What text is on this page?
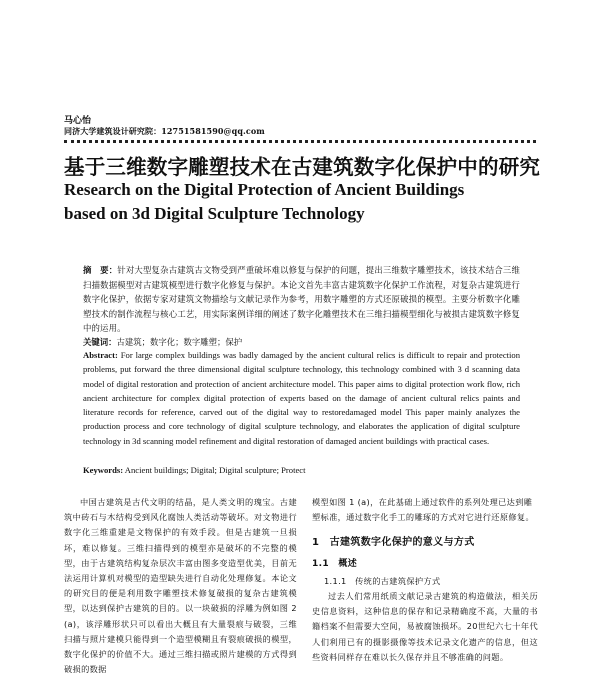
马心怡
同济大学建筑设计研究院：12751581590@qq.com
基于三维数字雕塑技术在古建筑数字化保护中的研究
Research on the Digital Protection of Ancient Buildings
based on 3d Digital Sculpture Technology
摘　要：针对大型复杂古建筑古文物受到严重破坏难以修复与保护的问题，提出三维数字雕塑技术，该技术结合三维扫描数据模型对古建筑模型进行数字化修复与保护。本论文首先丰富古建筑数字化保护工作流程，对复杂古建筑进行数字化保护，依据专家对建筑文物描绘与文献记录作为参考，用数字雕塑的方式还原破损的模型。主要分析数字化雕塑技术的制作流程与核心工艺，用实际案例详细的阐述了数字化雕塑技术在三维扫描模型细化与被损古建筑数字修复中的运用。
关键词：古建筑；数字化；数字雕塑；保护
Abstract: For large complex buildings was badly damaged by the ancient cultural relics is difficult to repair and protection problems, put forward the three dimensional digital sculpture technology, this technology combined with 3 d scanning data model of digital restoration and protection of ancient architecture model. This paper aims to digital protection work flow, rich ancient architecture for complex digital protection of experts based on the damage of ancient cultural relics paints and literature records for reference, carved out of the digital way to restoredamaged model This paper mainly analyzes the production process and core technology of digital sculpture technology, and elaborates the application of digital sculpture technology in 3d scanning model refinement and digital restoration of damaged ancient buildings with practical cases.
Keywords: Ancient buildings; Digital; Digital sculpture; Protect
中国古建筑是古代文明的结晶，是人类文明的瑰宝。古建筑中砖石与木结构受到风化腐蚀人类活动等破坏。对文物进行数字化三维重建是文物保护的有效手段。但是古建筑一旦损坏，难以修复。三维扫描得到的模型亦是破坏的不完整的模型，由于古建筑结构复杂层次丰富由图多变造型优美，目前无法运用计算机对模型的造型缺失进行自动化处理修复。本论文的研究目的便是利用数字雕塑技术修复破损的复杂古建筑模型，以达到保护古建筑的目的。以一块破损的浮雕为例如图 2 (a)，该浮雕形状只可以看出大概且有大量裂痕与破裂，三维扫描与照片建模只能得到一个造型模糊且有裂痕破损的模型，数字化保护的价值不大。通过三维扫描或照片建模的方式得到破损的数据

模型如图 1 (a)，在此基础上通过软件的系列处理已达到雕塑标准，通过数字化手工的雕琢的方式对它进行还原修复。

1　古建筑数字化保护的意义与方式

1.1　概述

1.1.1　传统的古建筑保护方式

过去人们常用纸质文献记录古建筑的构造做法，相关历史信息资料，这种信息的保存和记录精确度不高，大量的书籍档案不但需要大空间，易被腐蚀损坏。20世纪六七十年代人们利用已有的摄影摄像等技术记录文化遗产的信息，但这些资料同样存在难以长久保存并且不够准确的问题。
